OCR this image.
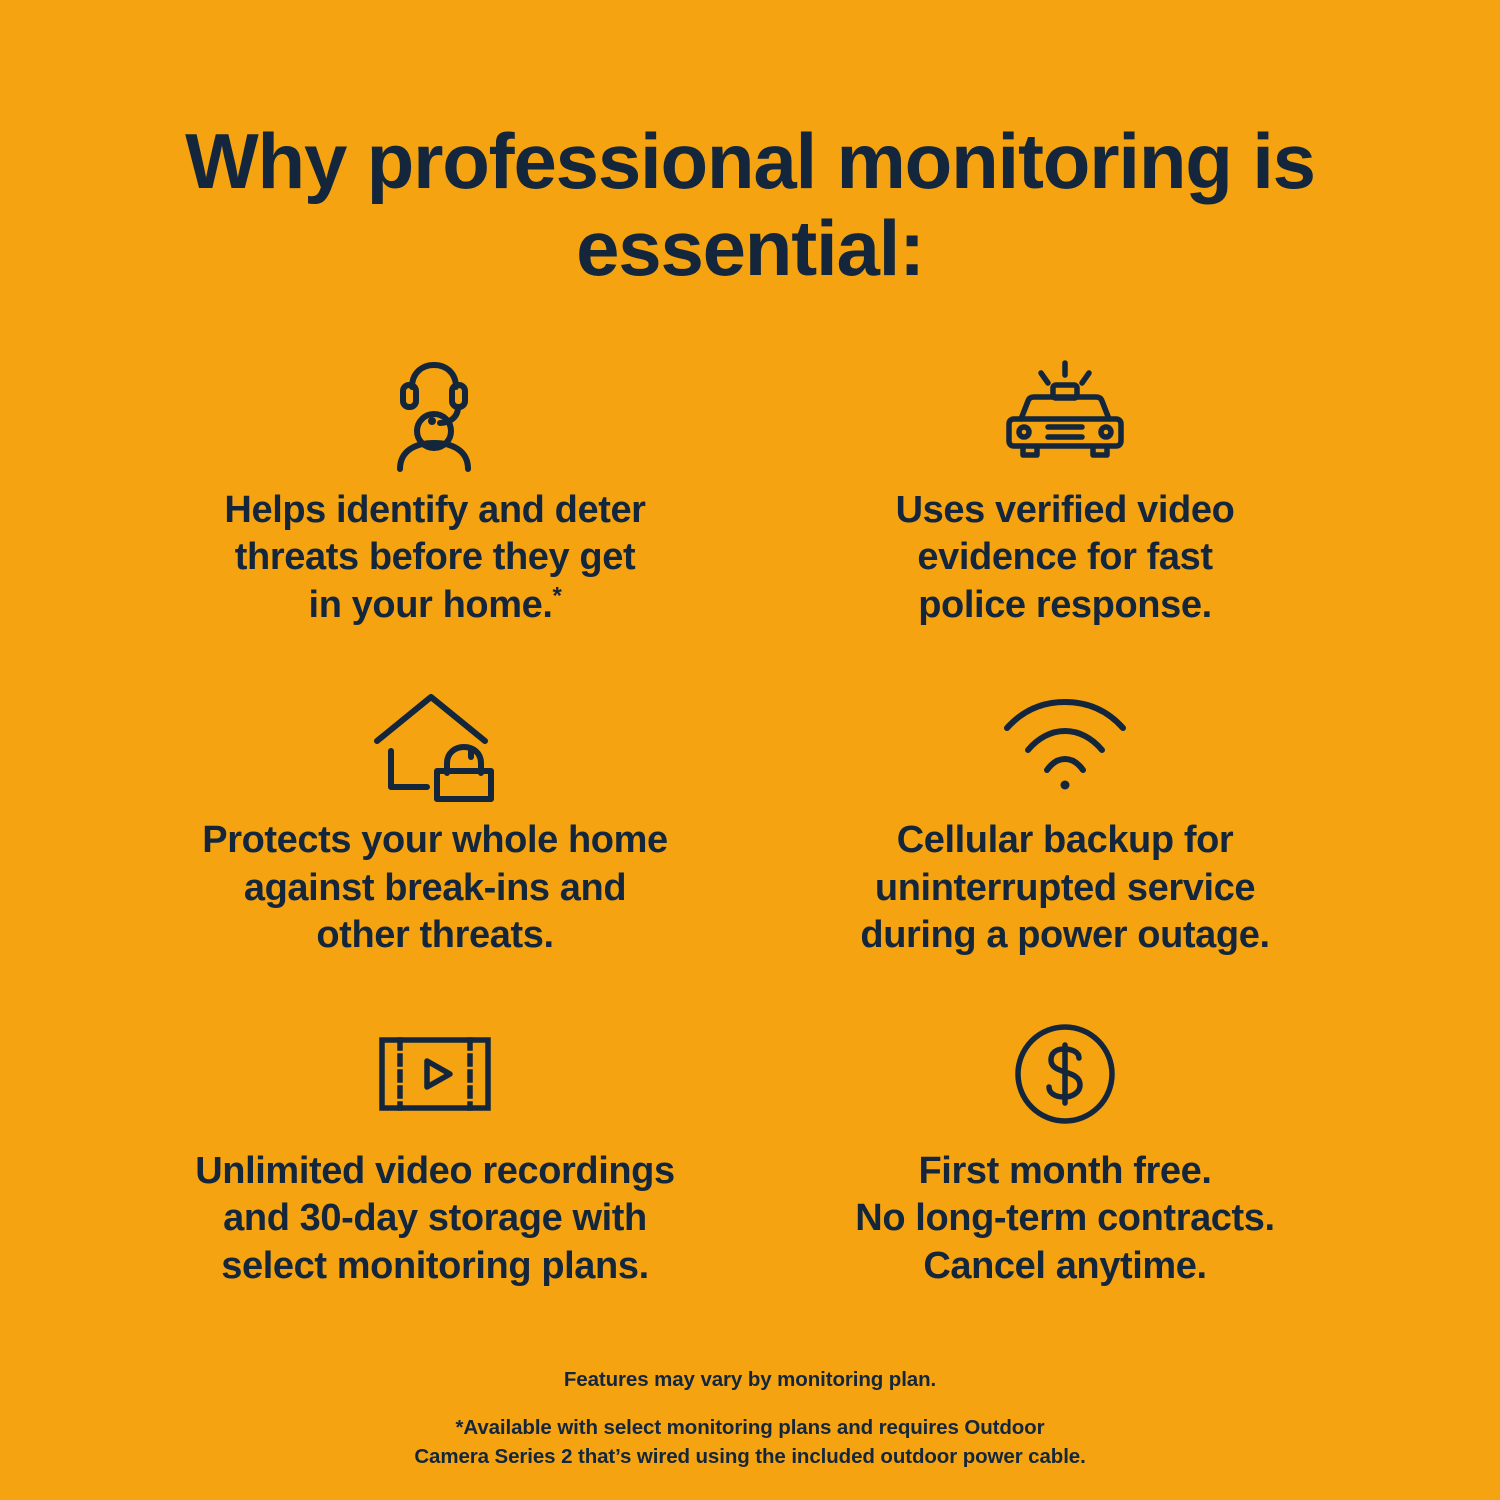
Why professional monitoring is essential:
Helps identify and deter
threats before they get
in your home.*
Uses verified video
evidence for fast
police response.
Protects your whole home
against break-ins and
other threats.
Cellular backup for
uninterrupted service
during a power outage.
Unlimited video recordings
and 30-day storage with
select monitoring plans.
First month free.
No long-term contracts.
Cancel anytime.
Features may vary by monitoring plan.
*Available with select monitoring plans and requires Outdoor
Camera Series 2 that’s wired using the included outdoor power cable.
